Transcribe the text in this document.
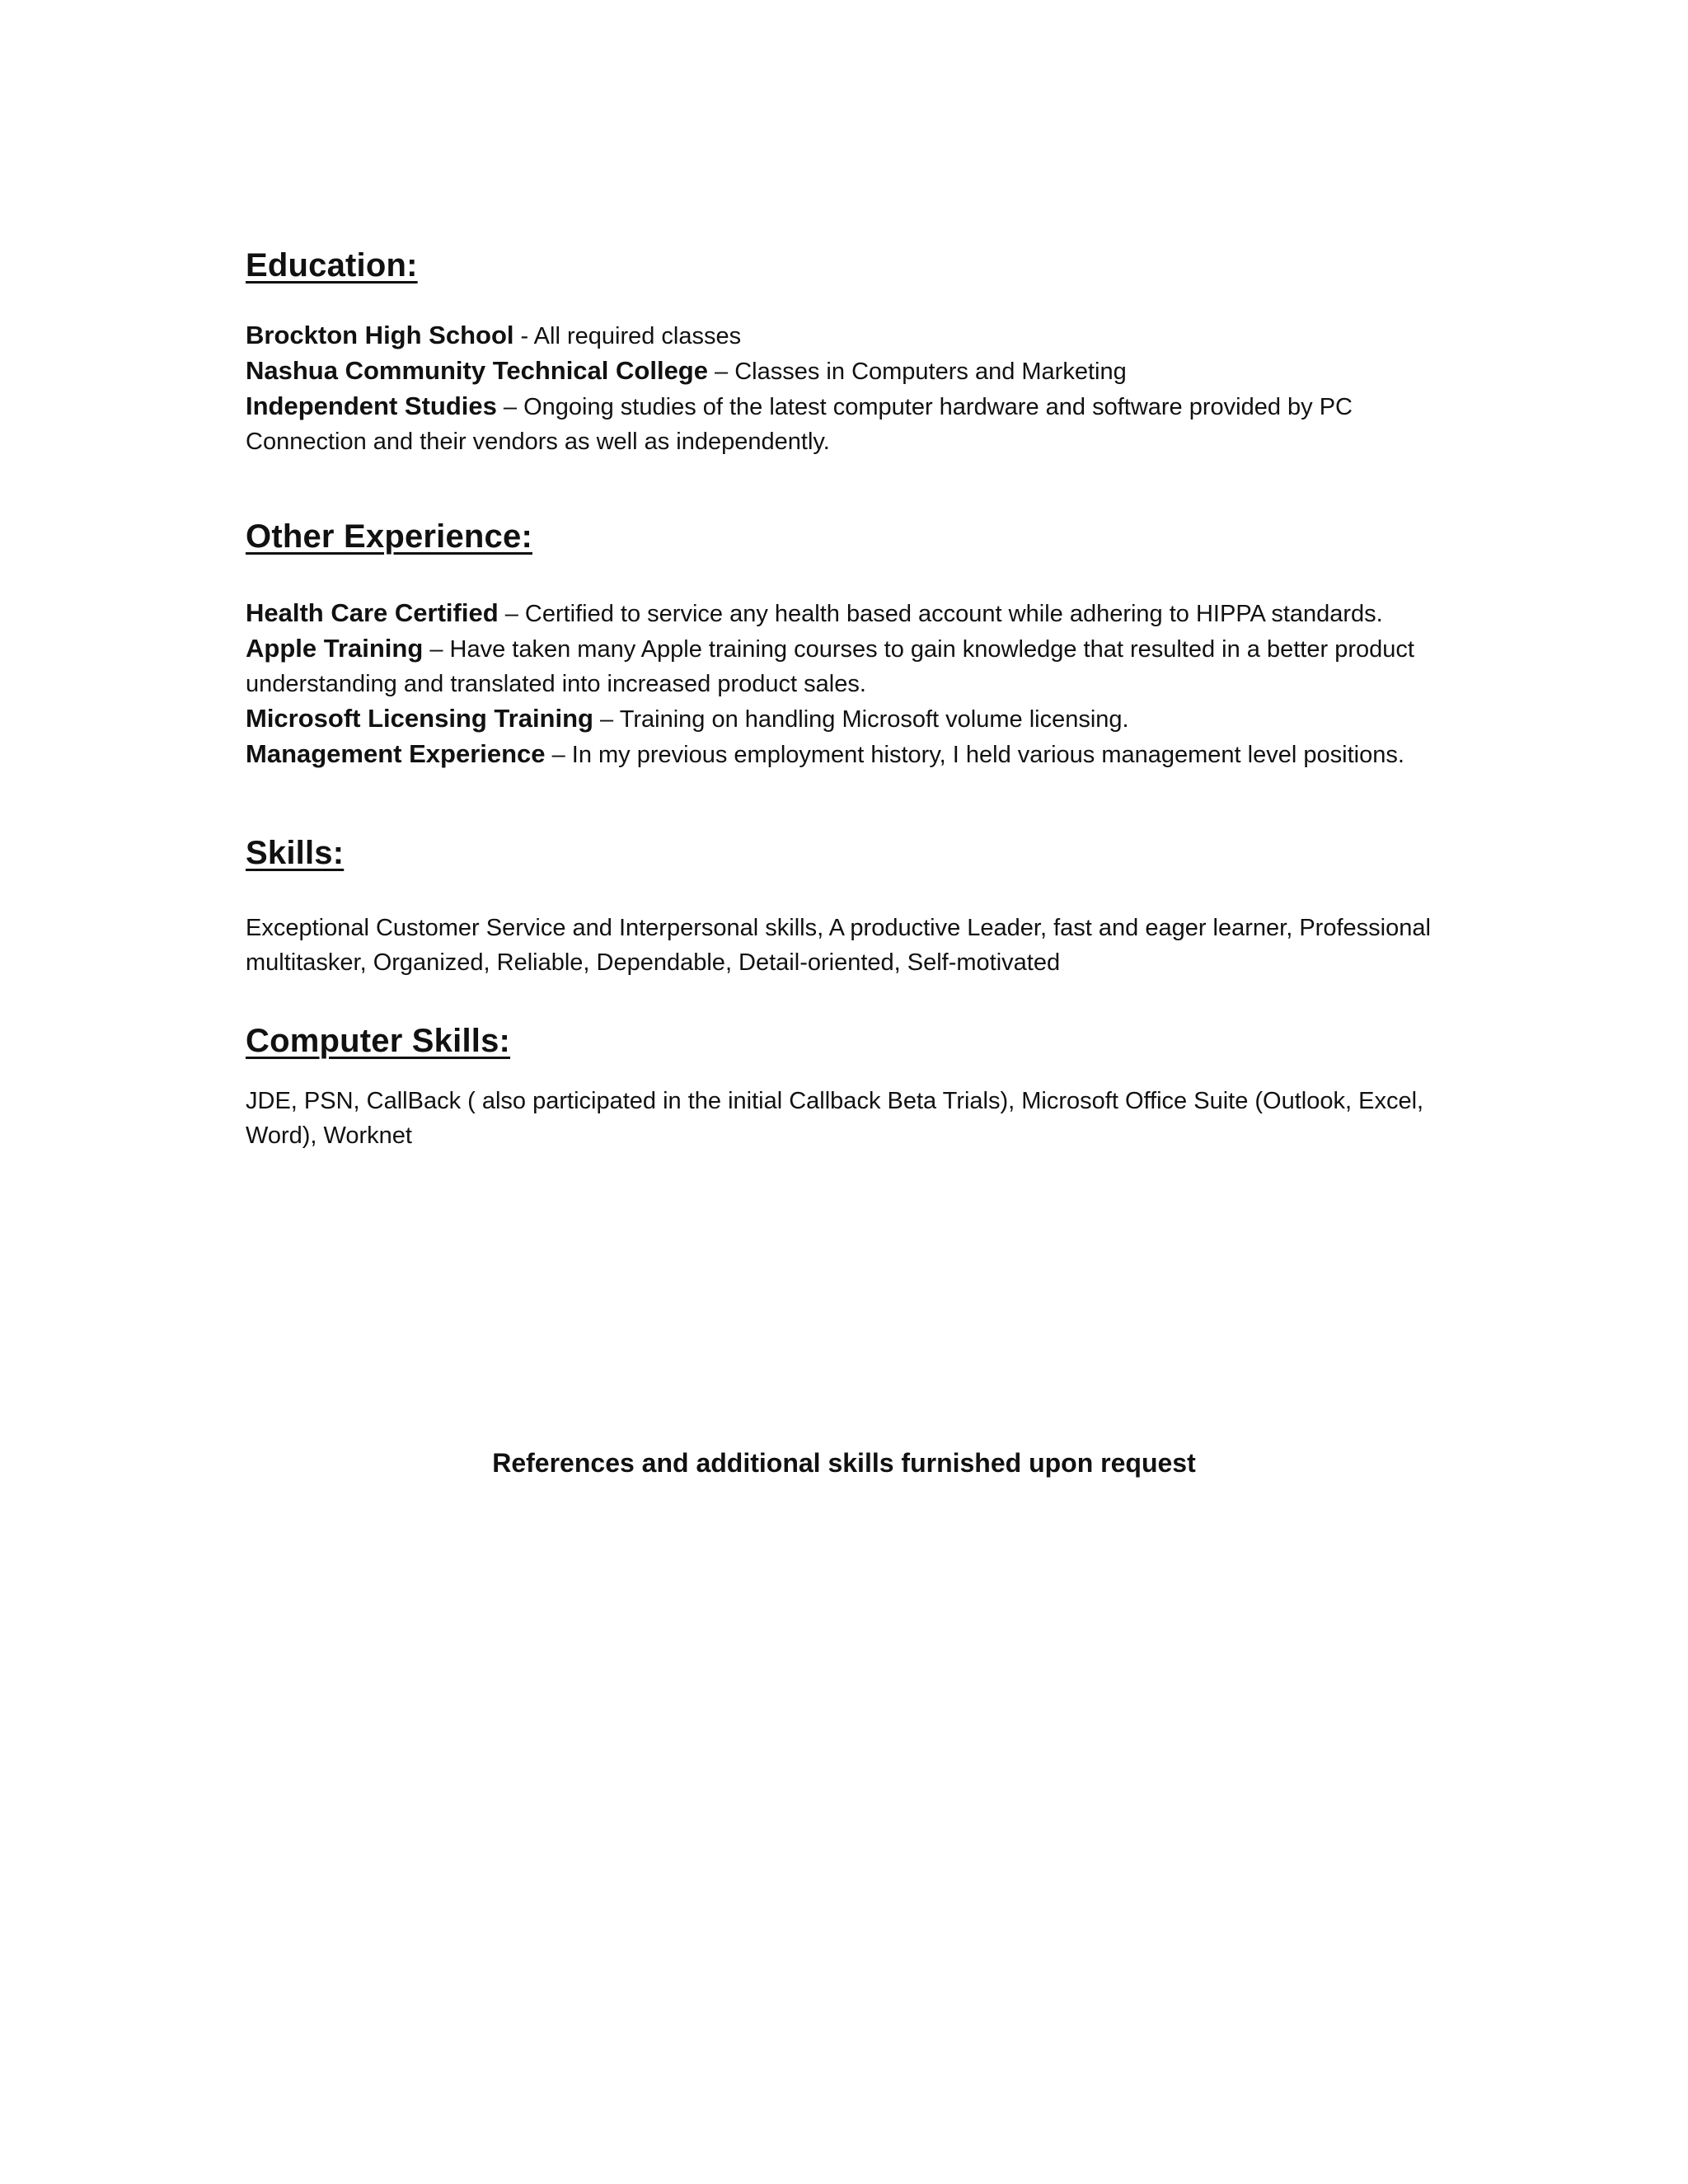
Education:

Brockton High School - All required classes

Nashua Community Technical College – Classes in Computers and Marketing

Independent Studies – Ongoing studies of the latest computer hardware and software provided by PC Connection and their vendors as well as independently.

Other Experience:

Health Care Certified – Certified to service any health based account while adhering to HIPPA standards.

Apple Training – Have taken many Apple training courses to gain knowledge that resulted in a better product understanding and translated into increased product sales.

Microsoft Licensing Training – Training on handling Microsoft volume licensing.

Management Experience – In my previous employment history, I held various management level positions.

Skills:

Exceptional Customer Service and Interpersonal skills, A productive Leader, fast and eager learner, Professional multitasker, Organized, Reliable, Dependable, Detail-oriented, Self-motivated

Computer Skills:

JDE, PSN, CallBack ( also participated in the initial Callback Beta Trials), Microsoft Office Suite (Outlook, Excel, Word), Worknet

References and additional skills furnished upon request
